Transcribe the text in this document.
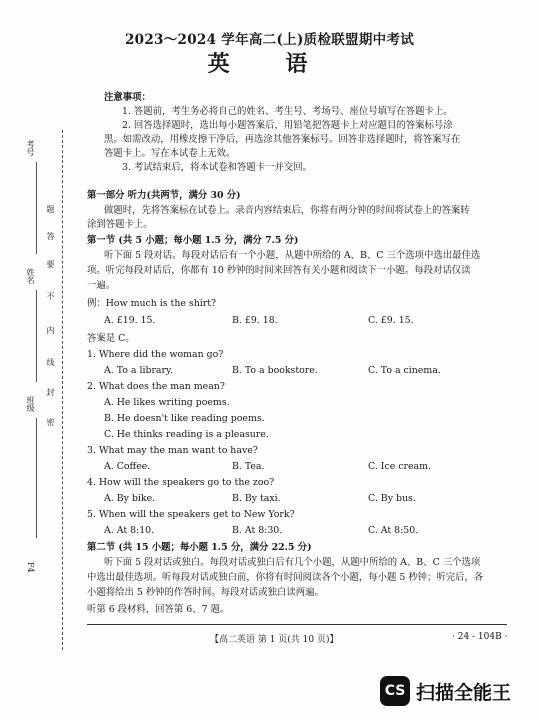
2023～2024 学年高二(上)质检联盟期中考试
英 语
考号
姓名
班级
F4
题
答
要
不
内
线
封
密
注意事项：
1. 答题前，考生务必将自己的姓名、考生号、考场号、座位号填写在答题卡上。
2. 回答选择题时，选出每小题答案后，用铅笔把答题卡上对应题目的答案标号涂
黑。如需改动，用橡皮擦干净后，再选涂其他答案标号。回答非选择题时，将答案写在
答题卡上。写在本试卷上无效。
3. 考试结束后，将本试卷和答题卡一并交回。
第一部分 听力(共两节，满分 30 分)
做题时，先将答案标在试卷上。录音内容结束后，你将有两分钟的时间将试卷上的答案转
涂到答题卡上。
第一节 (共 5 小题；每小题 1.5 分，满分 7.5 分)
听下面 5 段对话。每段对话后有一个小题，从题中所给的 A、B、C 三个选项中选出最佳选
项。听完每段对话后，你都有 10 秒钟的时间来回答有关小题和阅读下一小题。每段对话仅读
一遍。
例：How much is the shirt?
A. £19. 15.	B. £9. 18.	C. £9. 15.
答案是 C。
1. Where did the woman go?
A. To a library.	B. To a bookstore.	C. To a cinema.
2. What does the man mean?
A. He likes writing poems.
B. He doesn't like reading poems.
C. He thinks reading is a pleasure.
3. What may the man want to have?
A. Coffee.	B. Tea.	C. Ice cream.
4. How will the speakers go to the zoo?
A. By bike.	B. By taxi.	C. By bus.
5. When will the speakers get to New York?
A. At 8:10.	B. At 8:30.	C. At 8:50.
第二节 (共 15 小题；每小题 1.5 分，满分 22.5 分)
听下面 5 段对话或独白。每段对话或独白后有几个小题，从题中所给的 A、B、C 三个选项
中选出最佳选项。听每段对话或独白前，你将有时间阅读各个小题，每小题 5 秒钟；听完后，各
小题将给出 5 秒钟的作答时间。每段对话或独白读两遍。
听第 6 段材料，回答第 6、7 题。
【高二英语 第 1 页(共 10 页)】	· 24 - 104B ·
CS 扫描全能王
